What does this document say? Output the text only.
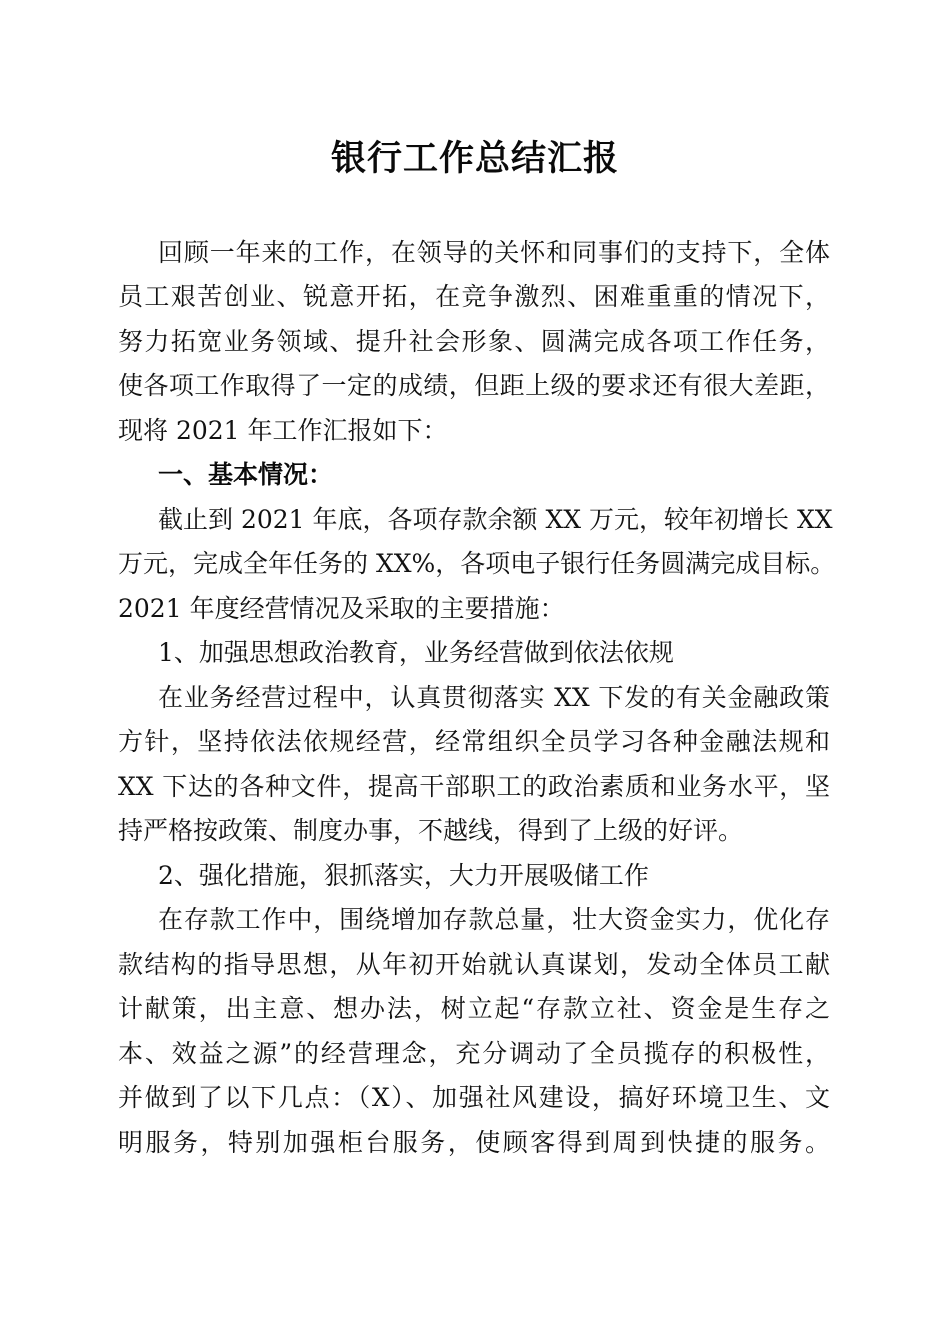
银行工作总结汇报
回顾一年来的工作，在领导的关怀和同事们的支持下，全体
员工艰苦创业、锐意开拓，在竞争激烈、困难重重的情况下，
努力拓宽业务领域、提升社会形象、圆满完成各项工作任务，
使各项工作取得了一定的成绩，但距上级的要求还有很大差距，
现将 2021 年工作汇报如下：
一、基本情况：
截止到 2021 年底，各项存款余额 XX 万元，较年初增长 XX
万元，完成全年任务的 XX%，各项电子银行任务圆满完成目标。
2021 年度经营情况及采取的主要措施：
1、加强思想政治教育，业务经营做到依法依规
在业务经营过程中，认真贯彻落实 XX 下发的有关金融政策
方针，坚持依法依规经营，经常组织全员学习各种金融法规和
XX 下达的各种文件，提高干部职工的政治素质和业务水平，坚
持严格按政策、制度办事，不越线，得到了上级的好评。
2、强化措施，狠抓落实，大力开展吸储工作
在存款工作中，围绕增加存款总量，壮大资金实力，优化存
款结构的指导思想，从年初开始就认真谋划，发动全体员工献
计献策，出主意、想办法，树立起“存款立社、资金是生存之
本、效益之源”的经营理念，充分调动了全员揽存的积极性，
并做到了以下几点：（X）、加强社风建设，搞好环境卫生、文
明服务，特别加强柜台服务，使顾客得到周到快捷的服务。
